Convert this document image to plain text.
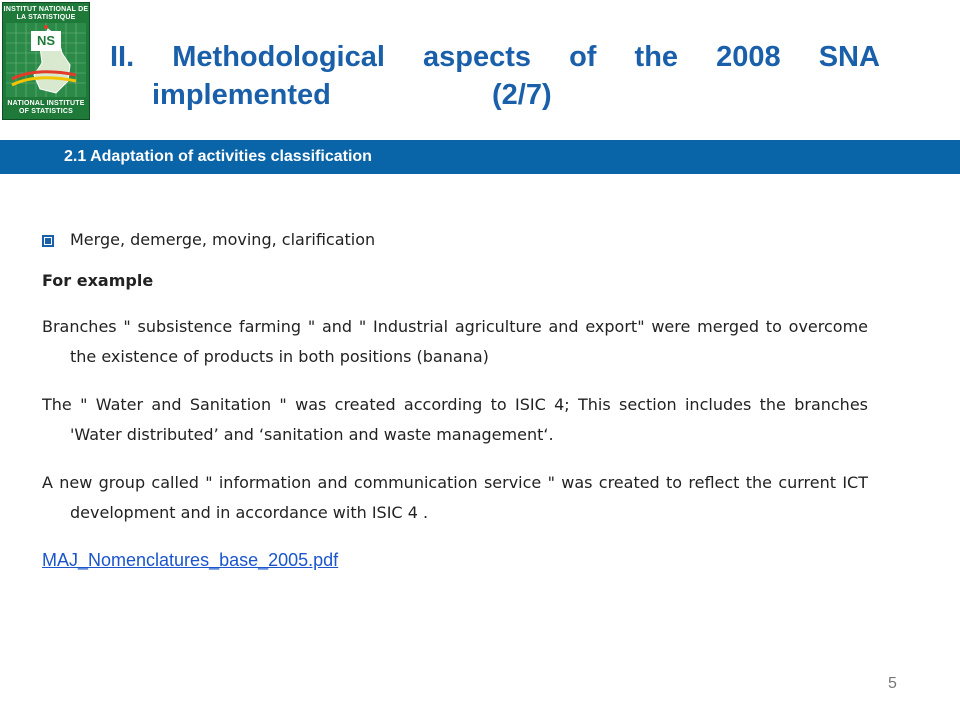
INSTITUT NATIONAL DE LA STATISTIQUE
NS
NATIONAL INSTITUTE OF STATISTICS
II. Methodological aspects of the 2008 SNA
implemented                    (2/7)
2.1 Adaptation of activities classification
Merge, demerge, moving, clarification
For example
Branches " subsistence farming " and " Industrial agriculture and export" were merged to overcome the existence of products in both positions (banana)
The " Water and Sanitation " was created according to ISIC 4; This section includes the branches 'Water distributed’ and ‘sanitation and waste management‘.
A new group called " information and communication service " was created to reflect the current ICT development and in accordance with ISIC 4 .
MAJ_Nomenclatures_base_2005.pdf
5
